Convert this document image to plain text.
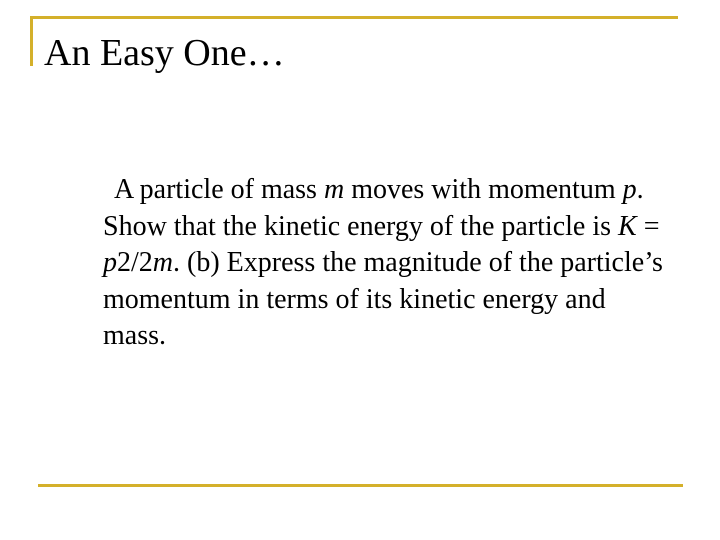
An Easy One…

A particle of mass m moves with momentum p. Show that the kinetic energy of the particle is K = p2/2m. (b) Express the magnitude of the particle’s momentum in terms of its kinetic energy and mass.
